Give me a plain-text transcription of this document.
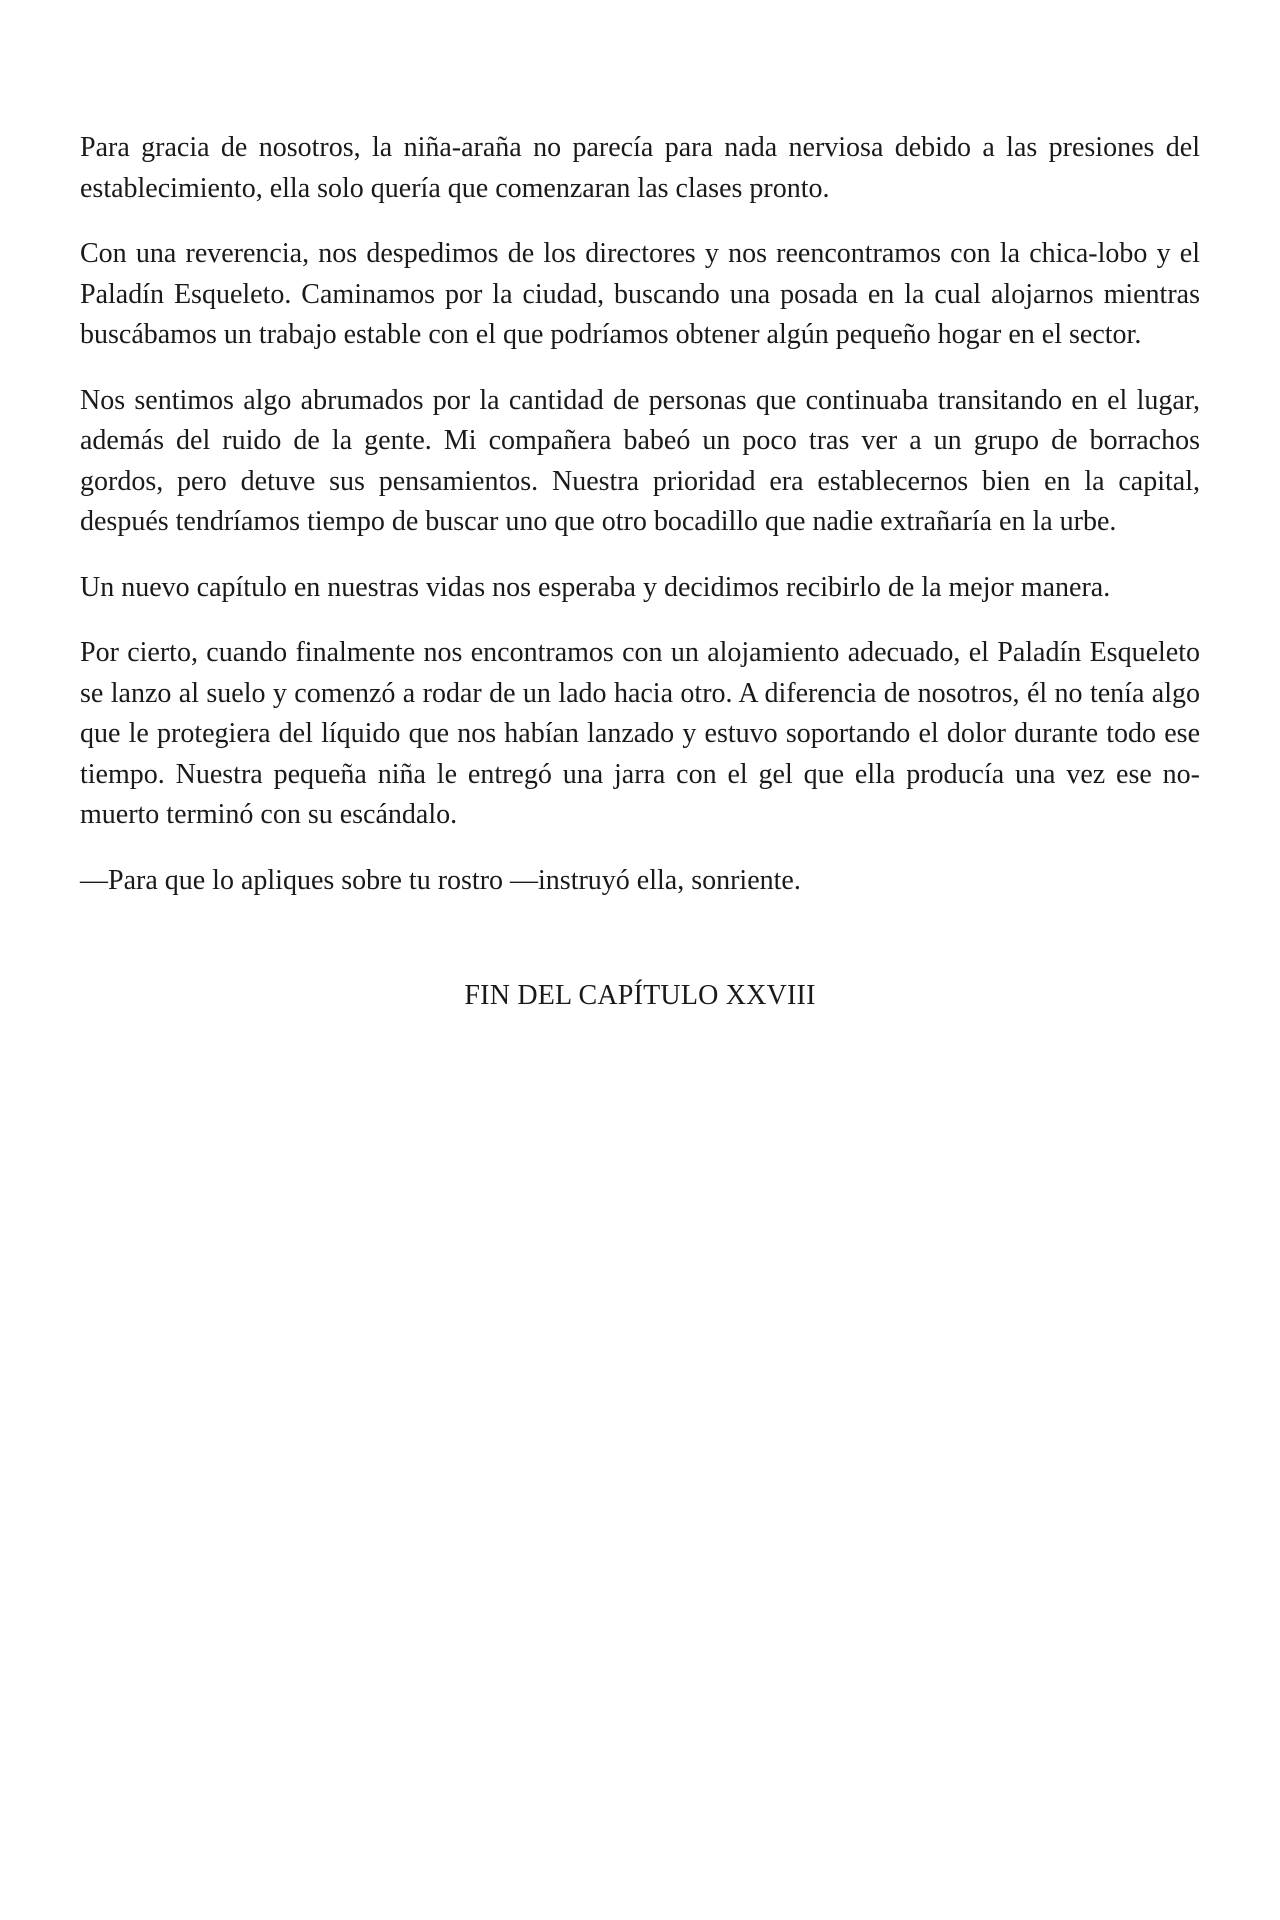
Para gracia de nosotros, la niña-araña no parecía para nada nerviosa debido a las presiones del establecimiento, ella solo quería que comenzaran las clases pronto.

Con una reverencia, nos despedimos de los directores y nos reencontramos con la chica-lobo y el Paladín Esqueleto. Caminamos por la ciudad, buscando una posada en la cual alojarnos mientras buscábamos un trabajo estable con el que podríamos obtener algún pequeño hogar en el sector.

Nos sentimos algo abrumados por la cantidad de personas que continuaba transitando en el lugar, además del ruido de la gente. Mi compañera babeó un poco tras ver a un grupo de borrachos gordos, pero detuve sus pensamientos. Nuestra prioridad era establecernos bien en la capital, después tendríamos tiempo de buscar uno que otro bocadillo que nadie extrañaría en la urbe.

Un nuevo capítulo en nuestras vidas nos esperaba y decidimos recibirlo de la mejor manera.

Por cierto, cuando finalmente nos encontramos con un alojamiento adecuado, el Paladín Esqueleto se lanzo al suelo y comenzó a rodar de un lado hacia otro. A diferencia de nosotros, él no tenía algo que le protegiera del líquido que nos habían lanzado y estuvo soportando el dolor durante todo ese tiempo. Nuestra pequeña niña le entregó una jarra con el gel que ella producía una vez ese no-muerto terminó con su escándalo.

—Para que lo apliques sobre tu rostro —instruyó ella, sonriente.

FIN DEL CAPÍTULO XXVIII
